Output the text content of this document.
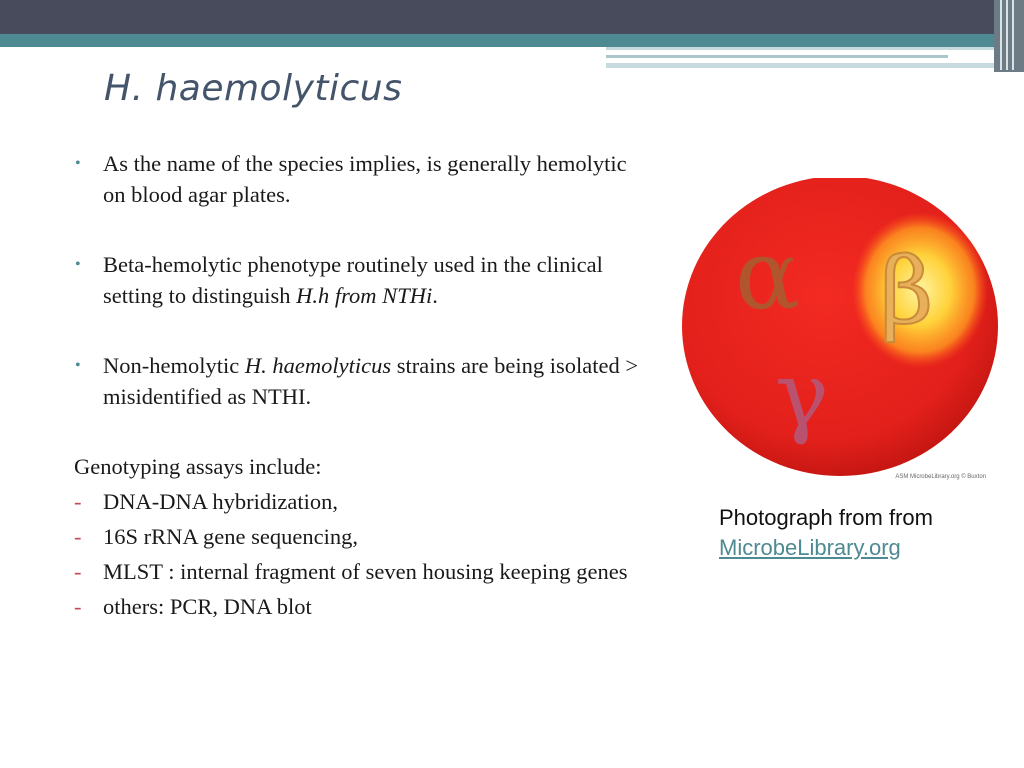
H. haemolyticus
• As the name of the species implies, is generally hemolytic on blood agar plates.
• Beta-hemolytic phenotype routinely used in the clinical setting to distinguish H.h from NTHi.
• Non-hemolytic H. haemolyticus strains are being isolated > misidentified as NTHI.
Genotyping assays include:
- DNA-DNA hybridization,
- 16S rRNA gene sequencing,
- MLST : internal fragment of seven housing keeping genes
- others: PCR, DNA blot
α β
γ
ASM MicrobeLibrary.org © Buxton
Photograph from from
MicrobeLibrary.org
